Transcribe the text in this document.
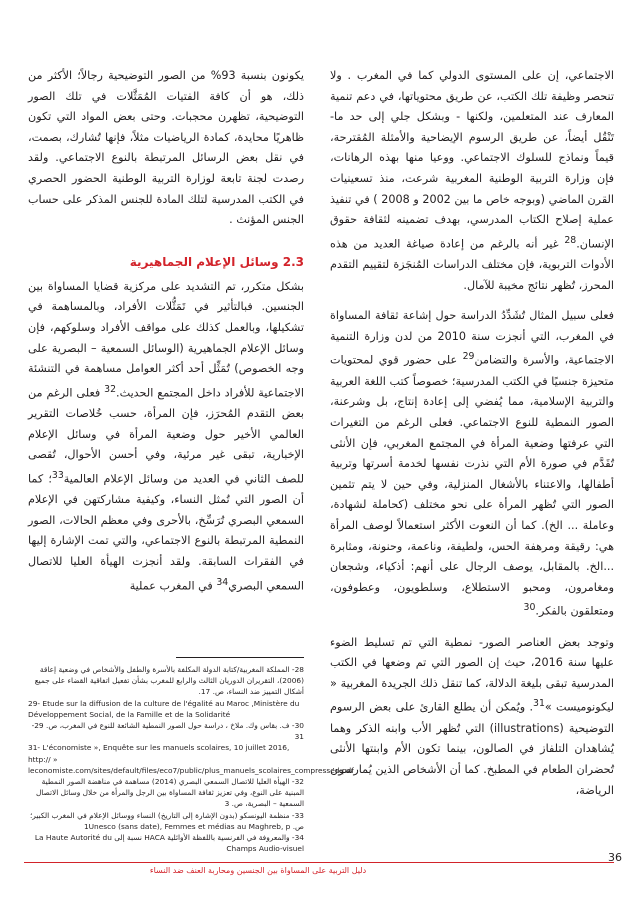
الاجتماعي، إن على المستوى الدولي كما في المغرب . ولا تنحصر وظيفة تلك الكتب، عن طريق محتوياتها، في دعم تنمية المعارف عند المتعلمين، ولكنها - وبشكل جلي إلى حد ما- تَنْقُل أيضاً، عن طريق الرسوم الإيضاحية والأمثلة المُقترحة، قيماً ونماذج للسلوك الاجتماعي. ووعيا منها بهذه الرهانات، فإن وزارة التربية الوطنية المغربية شرعت، منذ تسعينيات القرن الماضي (وبوجه خاص ما بين 2002 و 2008 ) في تنفيذ عملية إصلاح الكتاب المدرسي، بهدف تضمينه لثقافة حقوق الإنسان.$^{28}$ غير أنه بالرغم من إعادة صياغة العديد من هذه الأدوات التربوية، فإن مختلف الدراسات المُنجَزة لتقييم التقدم المحرز، تُظهر نتائج مخيبة للآمال.

فعلى سبيل المثال تُشَدِّدُ الدراسة حول إشاعة ثقافة المساواة في المغرب، التي أنجزت سنة 2010 من لدن وزارة التنمية الاجتماعية، والأسرة والتضامن$^{29}$ على حضور قوي لمحتويات متحيزة جنسيًا في الكتب المدرسية؛ خصوصاً كتب اللغة العربية والتربية الإسلامية، مما يُفضي إلى إعادة إنتاج، بل وشرعنة، الصور النمطية للنوع الاجتماعي. فعلى الرغم من التغيرات التي عرفتها وضعية المرأة في المجتمع المغربي، فإن الأنثى تُقَدَّم في صورة الأم التي نذرت نفسها لخدمة أسرتها وتربية أطفالها، والاعتناء بالأشغال المنزلية، وفي حين لا يتم تثمين الصور التي تُظهر المرأة على نحو مختلف (كحاملة لشهادة، وعاملة ... الخ). كما أن النعوت الأكثر استعمالاً لوصف المرأة هي: رقيقة ومرهفة الحس، ولطيفة، وناعمة، وحنونة، ومثابرة ...الخ. بالمقابل، يوصف الرجال على أنهم: أذكياء، وشجعان ومغامرون، ومحبو الاستطلاع، وسلطويون، وعطوفون، ومتعلقون بالفكر.$^{30}$

وتوجد بعض العناصر الصور- نمطية التي تم تسليط الضوء عليها سنة 2016، حيث إن الصور التي تم وضعها في الكتب المدرسية تبقى بليغة الدلالة، كما تنقل ذلك الجريدة المغربية « ليكونوميست »$^{31}$. ويُمكن أن يطلع القارئ على بعض الرسوم التوضيحية (illustrations) التي تُظهر الأب وابنه الذكر وهما يُشاهدان التلفاز في الصالون، بينما تكون الأم وابنتها الأنثى تُحضران الطعام في المطبخ. كما أن الأشخاص الذين يُمارسون الرياضة،

يكونون بنسبة 93% من الصور التوضيحية رجالاً؛ الأكثر من ذلك، هو أن كافة الفتيات المُمَثَّلات في تلك الصور التوضيحية، تظهرن محجبات. وحتى بعض المواد التي تكون ظاهريًا محايدة، كمادة الرياضيات مثلاً، فإنها تُشارك، بصمت، في نقل بعض الرسائل المرتبطة بالنوع الاجتماعي. ولقد رصدت لجنة تابعة لوزارة التربية الوطنية الحضور الحصري في الكتب المدرسية لتلك المادة للجنس المذكر على حساب الجنس المؤنث .

2.3 وسائل الإعلام الجماهيرية

بشكل متكرر، تم التشديد على مركزية قضايا المساواة بين الجنسين. فبالتأثير في تَمَثُّلات الأفراد، وبالمساهمة في تشكيلها، وبالعمل كذلك على مواقف الأفراد وسلوكهم، فإن وسائل الإعلام الجماهيرية (الوسائل السمعية – البصرية على وجه الخصوص) تُمَثِّل أحد أكثر العوامل مساهمة في التنشئة الاجتماعية للأفراد داخل المجتمع الحديث.$^{32}$ فعلى الرغم من بعض التقدم المُحرَز، فإن المرأة، حسب خُلاصات التقرير العالمي الأخير حول وضعية المرأة في وسائل الإعلام الإخبارية، تبقى غير مرئية، وفي أحسن الأحوال، تُقصى للصف الثاني في العديد من وسائل الإعلام العالمية$^{33}$؛ كما أن الصور التي تُمثل النساء، وكيفية مشاركتهن في الإعلام السمعي البصري تُرَسِّخ، بالأحرى وفي معظم الحالات، الصور النمطية المرتبطة بالنوع الاجتماعي، والتي تمت الإشارة إليها في الفقرات السابقة. ولقد أنجزت الهيأة العليا للاتصال السمعي البصري$^{34}$ في المغرب عملية

28- المملكة المغربية/كتابة الدولة المكلفة بالأسرة والطفل والأشخاص في وضعية إعاقة (2006)، التقريران الدوريان الثالث والرابع للمغرب بشأن تفعيل اتفاقية القضاء على جميع أشكال التمييز ضد النساء، ص. 17.

29- Etude sur la diffusion de la culture de l'égalité au Maroc ,Ministère du Développement Social, de la Famille et de la Solidarité

30- ف. بقاس وك. ملاخ ، دراسة حول الصور النمطية الشائعة للنوع في المغرب، ص. 29-31

31- L'économiste », Enquête sur les manuels scolaires, 10 juillet 2016, http:// » leconomiste.com/sites/default/files/eco7/public/plus_manuels_scolaires_compressed.pdf

32- الهيأة العليا للاتصال السمعي البصري (2014) مساهمة في مناهضة الصور النمطية المبنية على النوع، وفي تعزيز ثقافة المساواة بين الرجل والمرأة من خلال وسائل الاتصال السمعية – البصرية، ص. 3

33- منظمة اليونسكو (بدون الإشارة إلى التاريخ) النساء ووسائل الإعلام في المغرب الكبير؛ ص. 1Unesco (sans date), Femmes et médias au Maghreb, p

34- والمعروفة في الفرنسية باللفظة الأوائلية HACA نسبة إلى La Haute Autorité du Champs Audio-visuel

36
دليل التربية على المساواة بين الجنسين ومحاربة العنف ضد النساء
